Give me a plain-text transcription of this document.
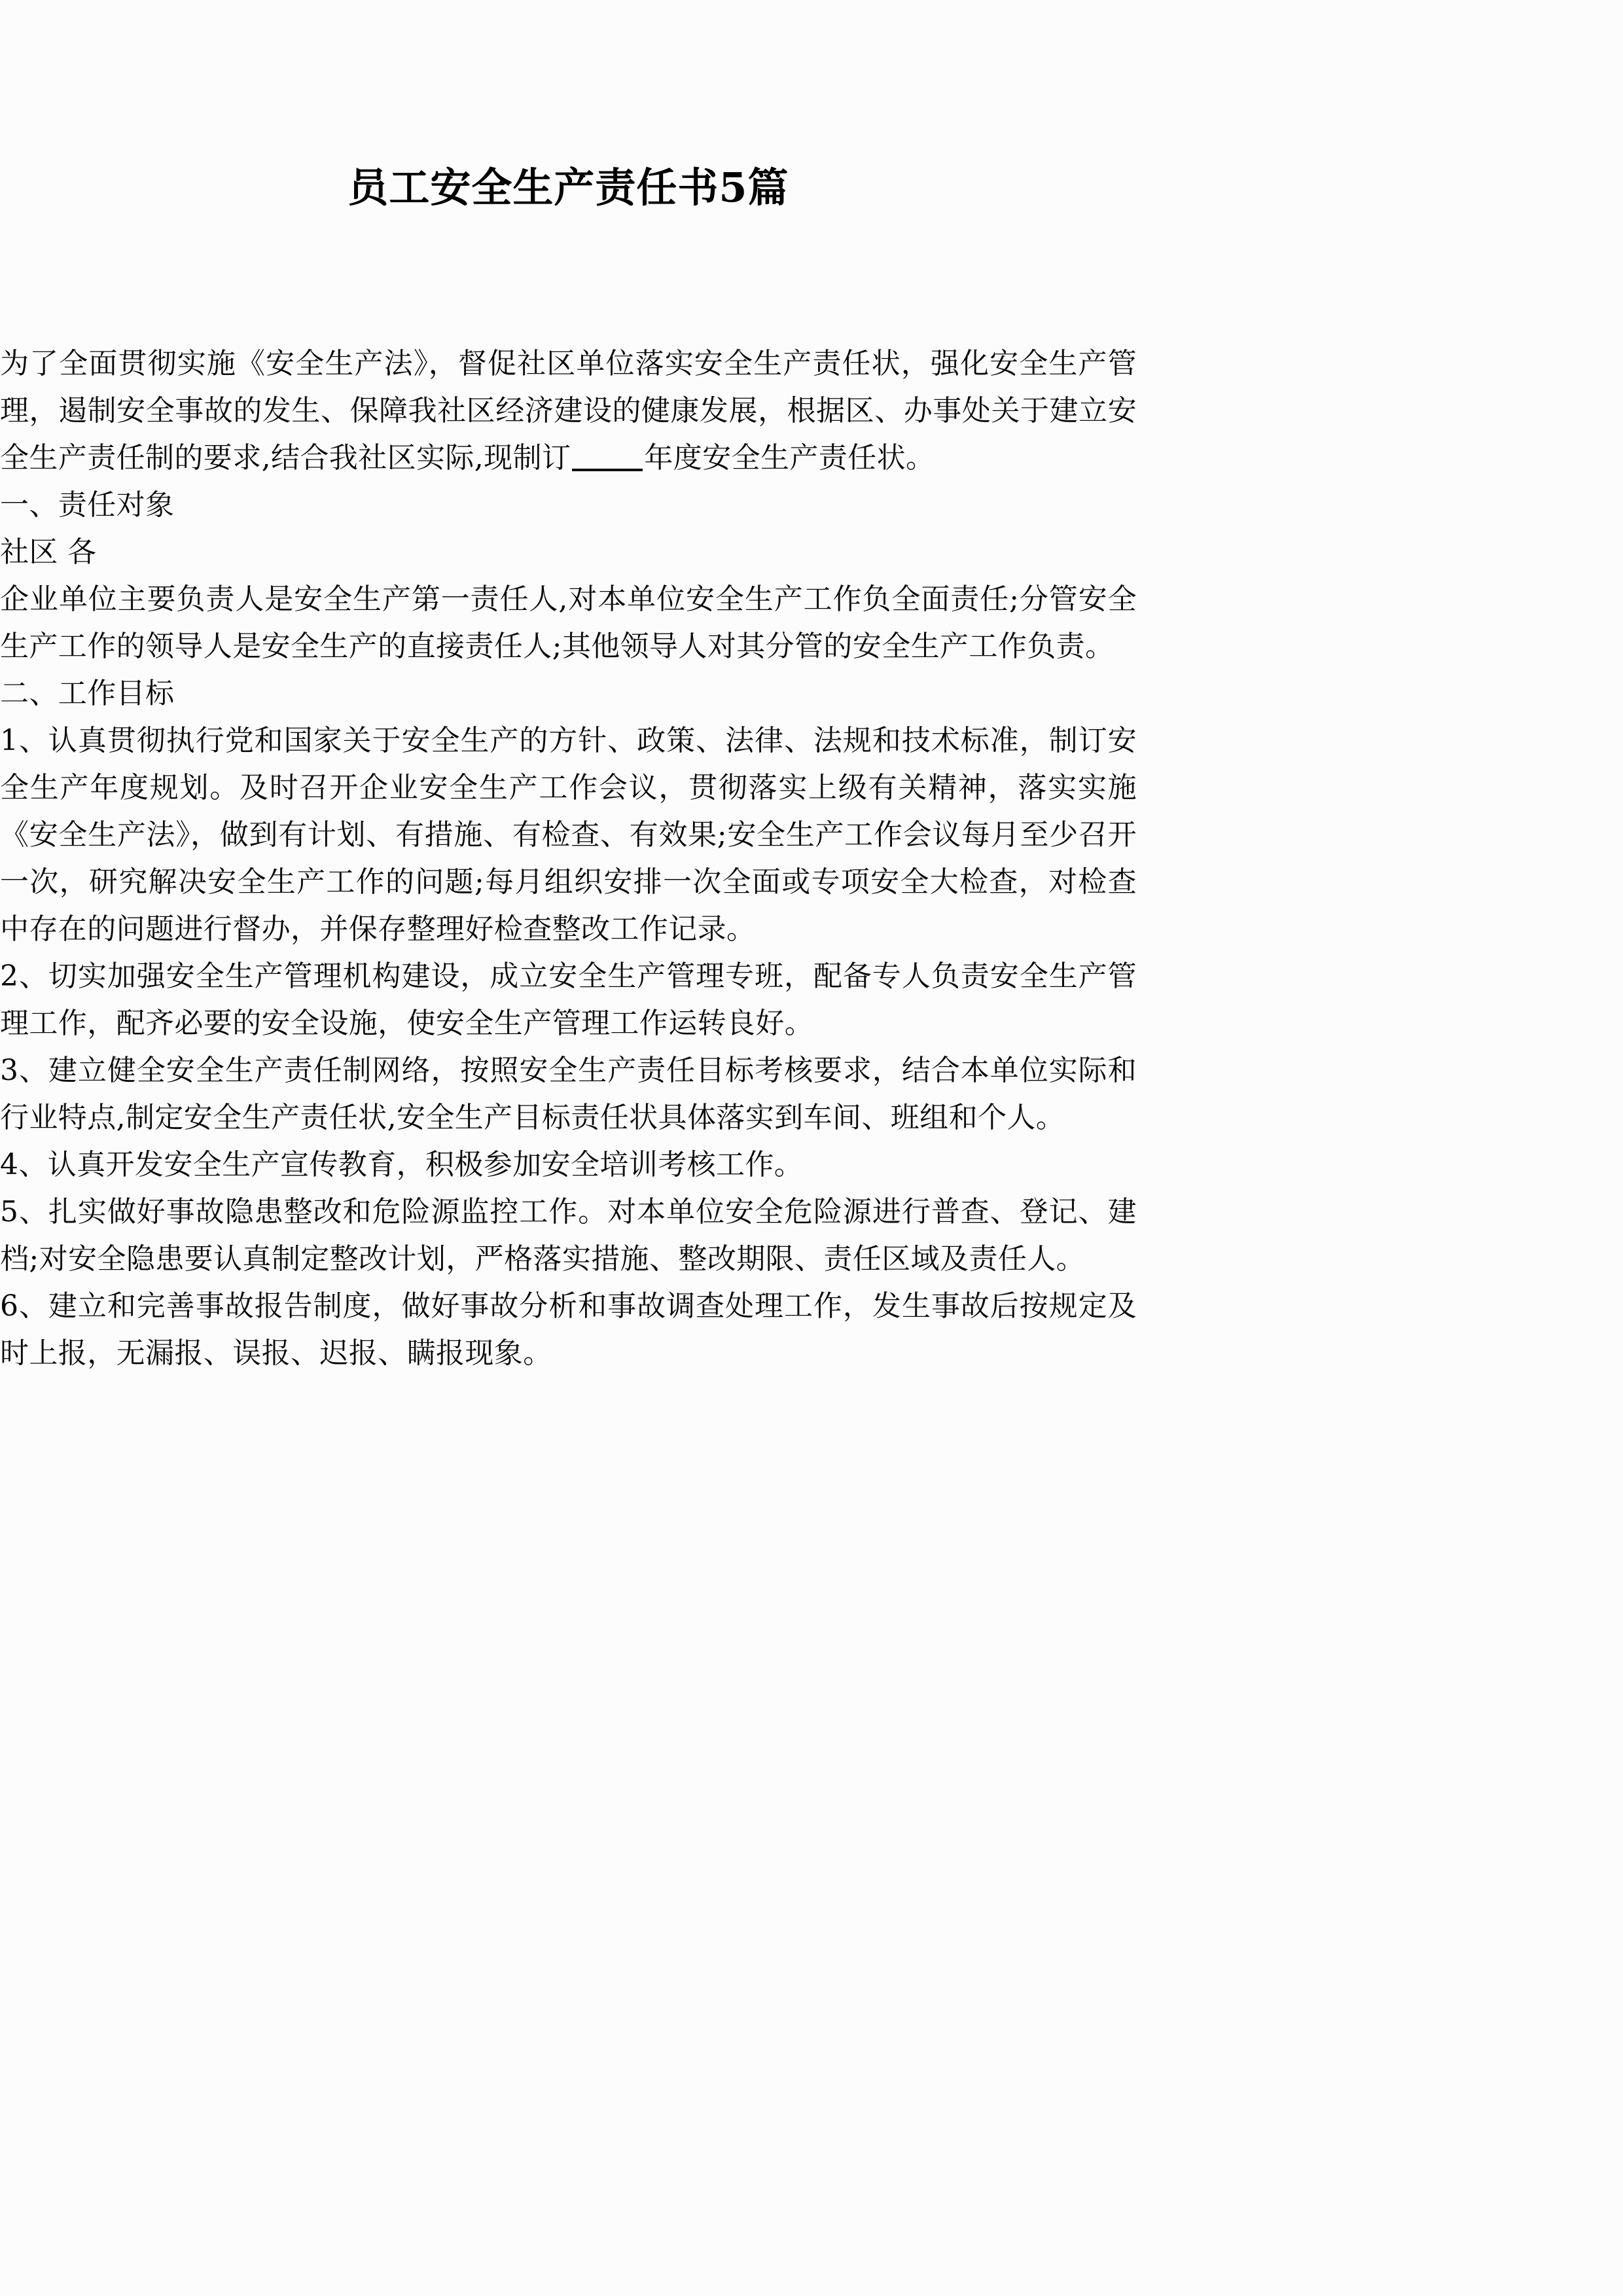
员工安全生产责任书5篇

为了全面贯彻实施《安全生产法》，督促社区单位落实安全生产责任状，强化安全生产管理，遏制安全事故的发生、保障我社区经济建设的健康发展，根据区、办事处关于建立安全生产责任制的要求,结合我社区实际,现制订	年度安全生产责任状。

一、责任对象

社区 各

企业单位主要负责人是安全生产第一责任人,对本单位安全生产工作负全面责任;分管安全生产工作的领导人是安全生产的直接责任人;其他领导人对其分管的安全生产工作负责。

二、工作目标

1、认真贯彻执行党和国家关于安全生产的方针、政策、法律、法规和技术标准，制订安全生产年度规划。及时召开企业安全生产工作会议，贯彻落实上级有关精神，落实实施《安全生产法》，做到有计划、有措施、有检查、有效果;安全生产工作会议每月至少召开一次，研究解决安全生产工作的问题;每月组织安排一次全面或专项安全大检查，对检查中存在的问题进行督办，并保存整理好检查整改工作记录。

2、切实加强安全生产管理机构建设，成立安全生产管理专班，配备专人负责安全生产管理工作，配齐必要的安全设施，使安全生产管理工作运转良好。

3、建立健全安全生产责任制网络，按照安全生产责任目标考核要求，结合本单位实际和行业特点,制定安全生产责任状,安全生产目标责任状具体落实到车间、班组和个人。

4、认真开发安全生产宣传教育，积极参加安全培训考核工作。

5、扎实做好事故隐患整改和危险源监控工作。对本单位安全危险源进行普查、登记、建档;对安全隐患要认真制定整改计划，严格落实措施、整改期限、责任区域及责任人。

6、建立和完善事故报告制度，做好事故分析和事故调查处理工作，发生事故后按规定及时上报，无漏报、误报、迟报、瞒报现象。
